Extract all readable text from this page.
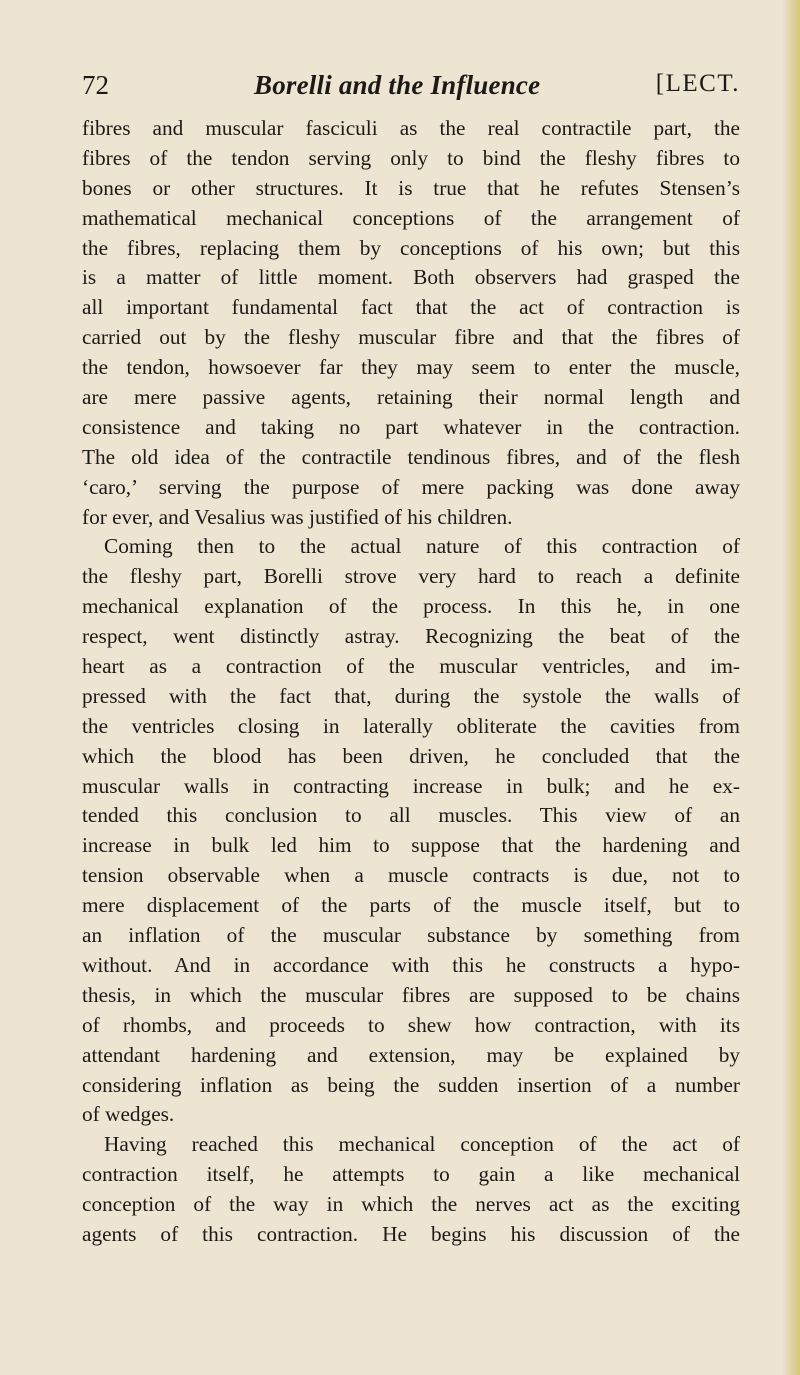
72	Borelli and the Influence	[LECT.
fibres and muscular fasciculi as the real contractile part, the
fibres of the tendon serving only to bind the fleshy fibres to
bones or other structures. It is true that he refutes Stensen’s
mathematical mechanical conceptions of the arrangement of
the fibres, replacing them by conceptions of his own; but this
is a matter of little moment. Both observers had grasped the
all important fundamental fact that the act of contraction is
carried out by the fleshy muscular fibre and that the fibres of
the tendon, howsoever far they may seem to enter the muscle,
are mere passive agents, retaining their normal length and
consistence and taking no part whatever in the contraction.
The old idea of the contractile tendinous fibres, and of the flesh
‘caro,’ serving the purpose of mere packing was done away
for ever, and Vesalius was justified of his children.
Coming then to the actual nature of this contraction of
the fleshy part, Borelli strove very hard to reach a definite
mechanical explanation of the process. In this he, in one
respect, went distinctly astray. Recognizing the beat of the
heart as a contraction of the muscular ventricles, and im-
pressed with the fact that, during the systole the walls of
the ventricles closing in laterally obliterate the cavities from
which the blood has been driven, he concluded that the
muscular walls in contracting increase in bulk; and he ex-
tended this conclusion to all muscles. This view of an
increase in bulk led him to suppose that the hardening and
tension observable when a muscle contracts is due, not to
mere displacement of the parts of the muscle itself, but to
an inflation of the muscular substance by something from
without. And in accordance with this he constructs a hypo-
thesis, in which the muscular fibres are supposed to be chains
of rhombs, and proceeds to shew how contraction, with its
attendant hardening and extension, may be explained by
considering inflation as being the sudden insertion of a number
of wedges.
Having reached this mechanical conception of the act of
contraction itself, he attempts to gain a like mechanical
conception of the way in which the nerves act as the exciting
agents of this contraction. He begins his discussion of the
